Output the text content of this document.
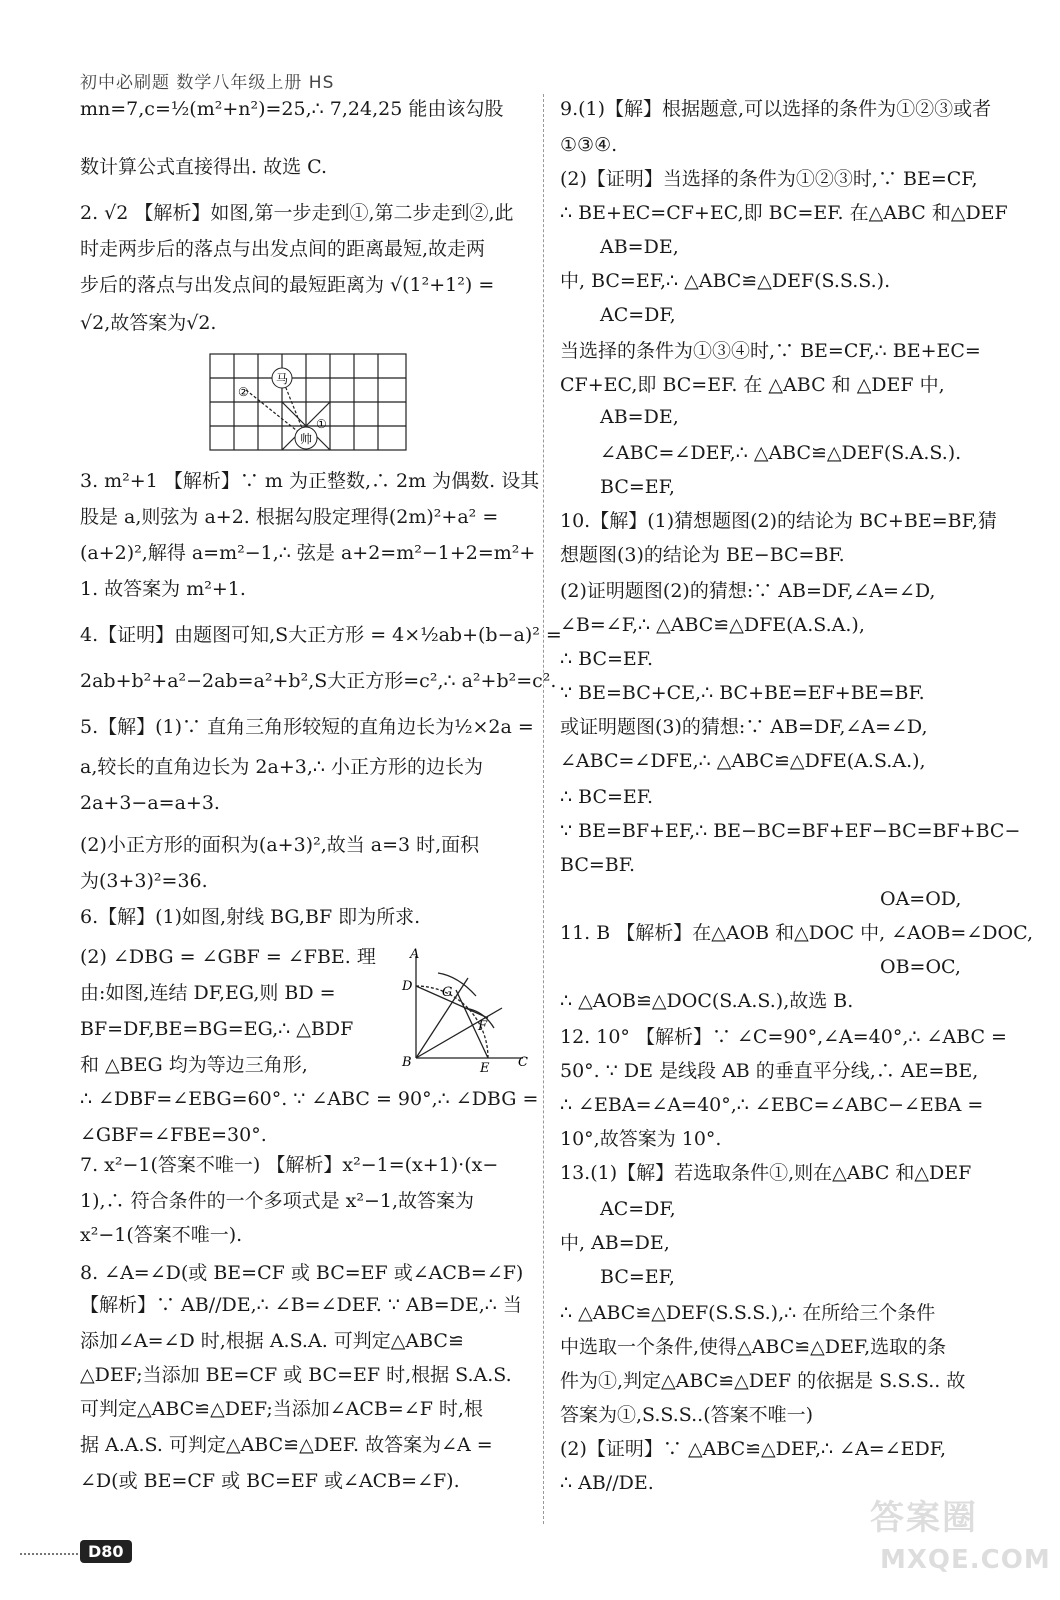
初中必刷题 数学八年级上册 HS
mn=7,c=½(m²+n²)=25,∴ 7,24,25 能由该勾股
数计算公式直接得出. 故选 C.
2. √2 【解析】如图,第一步走到①,第二步走到②,此
时走两步后的落点与出发点间的距离最短,故走两
步后的落点与出发点间的最短距离为 √(1²+1²) =
√2,故答案为√2.
3. m²+1 【解析】∵ m 为正整数,∴ 2m 为偶数. 设其
股是 a,则弦为 a+2. 根据勾股定理得(2m)²+a² =
(a+2)²,解得 a=m²−1,∴ 弦是 a+2=m²−1+2=m²+
1. 故答案为 m²+1.
4.【证明】由题图可知,S大正方形 = 4×½ab+(b−a)² =
2ab+b²+a²−2ab=a²+b²,S大正方形=c²,∴ a²+b²=c².
5.【解】(1)∵ 直角三角形较短的直角边长为½×2a =
a,较长的直角边长为 2a+3,∴ 小正方形的边长为
2a+3−a=a+3.
(2)小正方形的面积为(a+3)²,故当 a=3 时,面积
为(3+3)²=36.
6.【解】(1)如图,射线 BG,BF 即为所求.
(2) ∠DBG = ∠GBF = ∠FBE. 理
由:如图,连结 DF,EG,则 BD =
BF=DF,BE=BG=EG,∴ △BDF
和 △BEG 均为等边三角形,
∴ ∠DBF=∠EBG=60°. ∵ ∠ABC = 90°,∴ ∠DBG =
∠GBF=∠FBE=30°.
7. x²−1(答案不唯一) 【解析】x²−1=(x+1)·(x−
1),∴ 符合条件的一个多项式是 x²−1,故答案为
x²−1(答案不唯一).
8. ∠A=∠D(或 BE=CF 或 BC=EF 或∠ACB=∠F)
【解析】∵ AB//DE,∴ ∠B=∠DEF. ∵ AB=DE,∴ 当
添加∠A=∠D 时,根据 A.S.A. 可判定△ABC≌
△DEF;当添加 BE=CF 或 BC=EF 时,根据 S.A.S.
可判定△ABC≌△DEF;当添加∠ACB=∠F 时,根
据 A.A.S. 可判定△ABC≌△DEF. 故答案为∠A =
∠D(或 BE=CF 或 BC=EF 或∠ACB=∠F).
9.(1)【解】根据题意,可以选择的条件为①②③或者
①③④.
(2)【证明】当选择的条件为①②③时,∵ BE=CF,
∴ BE+EC=CF+EC,即 BC=EF. 在△ABC 和△DEF
AB=DE,
中, BC=EF,∴ △ABC≌△DEF(S.S.S.).
AC=DF,
当选择的条件为①③④时,∵ BE=CF,∴ BE+EC=
CF+EC,即 BC=EF. 在 △ABC 和 △DEF 中,
AB=DE,
∠ABC=∠DEF,∴ △ABC≌△DEF(S.A.S.).
BC=EF,
10.【解】(1)猜想题图(2)的结论为 BC+BE=BF,猜
想题图(3)的结论为 BE−BC=BF.
(2)证明题图(2)的猜想:∵ AB=DF,∠A=∠D,
∠B=∠F,∴ △ABC≌△DFE(A.S.A.),
∴ BC=EF.
∵ BE=BC+CE,∴ BC+BE=EF+BE=BF.
或证明题图(3)的猜想:∵ AB=DF,∠A=∠D,
∠ABC=∠DFE,∴ △ABC≌△DFE(A.S.A.),
∴ BC=EF.
∵ BE=BF+EF,∴ BE−BC=BF+EF−BC=BF+BC−
BC=BF.
OA=OD,
11. B 【解析】在△AOB 和△DOC 中, ∠AOB=∠DOC,
OB=OC,
∴ △AOB≌△DOC(S.A.S.),故选 B.
12. 10° 【解析】∵ ∠C=90°,∠A=40°,∴ ∠ABC =
50°. ∵ DE 是线段 AB 的垂直平分线,∴ AE=BE,
∴ ∠EBA=∠A=40°,∴ ∠EBC=∠ABC−∠EBA =
10°,故答案为 10°.
13.(1)【解】若选取条件①,则在△ABC 和△DEF
AC=DF,
中, AB=DE,
BC=EF,
∴ △ABC≌△DEF(S.S.S.),∴ 在所给三个条件
中选取一个条件,使得△ABC≌△DEF,选取的条
件为①,判定△ABC≌△DEF 的依据是 S.S.S.. 故
答案为①,S.S.S..(答案不唯一)
(2)【证明】∵ △ABC≌△DEF,∴ ∠A=∠EDF,
∴ AB//DE.
马
帅
①
②
A
D G
F
B	E C
D80
答案圈
MXQE.COM
